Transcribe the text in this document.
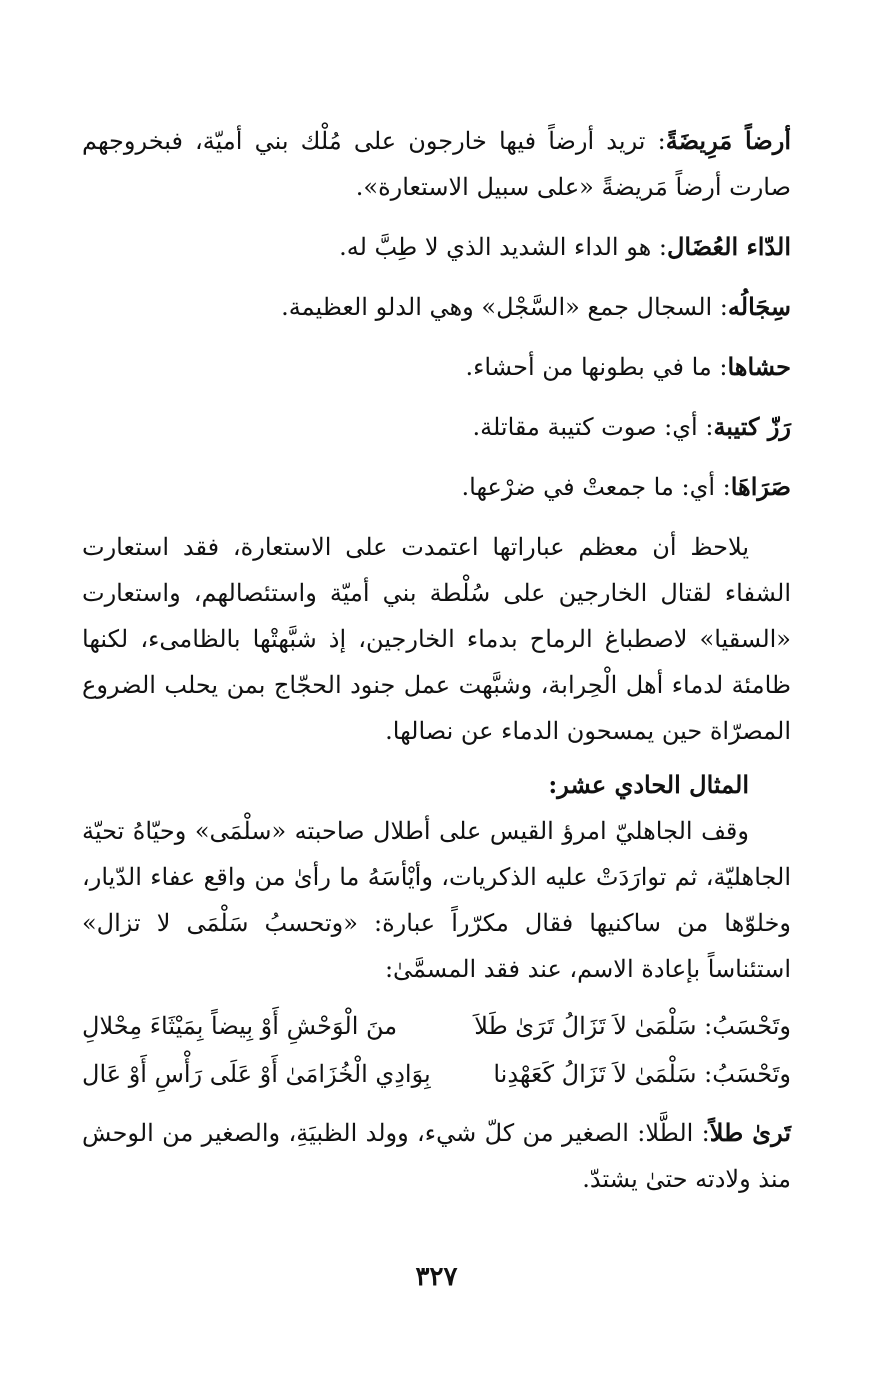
أرضاً مَرِيضَةً: تريد أرضاً فيها خارجون على مُلْك بني أميّة، فبخروجهم صارت أرضاً مَريضةً «على سبيل الاستعارة».

الدّاء العُضَال: هو الداء الشديد الذي لا طِبَّ له.

سِجَالُه: السجال جمع «السَّجْل» وهي الدلو العظيمة.

حشاها: ما في بطونها من أحشاء.

رَزّ كتيبة: أي: صوت كتيبة مقاتلة.

صَرَاهَا: أي: ما جمعتْ في ضرْعها.

يلاحظ أن معظم عباراتها اعتمدت على الاستعارة، فقد استعارت الشفاء لقتال الخارجين على سُلْطة بني أميّة واستئصالهم، واستعارت «السقيا» لاصطباغ الرماح بدماء الخارجين، إذ شبَّهتْها بالظامىء، لكنها ظامئة لدماء أهل الْحِرابة، وشبَّهت عمل جنود الحجّاج بمن يحلب الضروع المصرّاة حين يمسحون الدماء عن نصالها.

المثال الحادي عشر:

وقف الجاهليّ امرؤ القيس على أطلال صاحبته «سلْمَى» وحيّاهُ تحيّة الجاهليّة، ثم توارَدَتْ عليه الذكريات، وأيْأسَهُ ما رأىٰ من واقع عفاء الدّيار، وخلوّها من ساكنيها فقال مكرّراً عبارة: «وتحسبُ سَلْمَى لا تزال» استئناساً بإعادة الاسم، عند فقد المسمَّىٰ:

وتَحْسَبُ: سَلْمَىٰ لاَ تَزَالُ تَرَىٰ طَلاَ
منَ الْوَحْشِ أَوْ بِيضاً بِمَيْثَاءَ مِحْلالِ
وتَحْسَبُ: سَلْمَىٰ لاَ تَزَالُ كَعَهْدِنا
بِوَادِي الْخُزَامَىٰ أَوْ عَلَى رَأْسِ أَوْ عَال

تَرىٰ طلاً: الطَّلا: الصغير من كلّ شيء، وولد الظبيَةِ، والصغير من الوحش منذ ولادته حتىٰ يشتدّ.

٣٢٧
